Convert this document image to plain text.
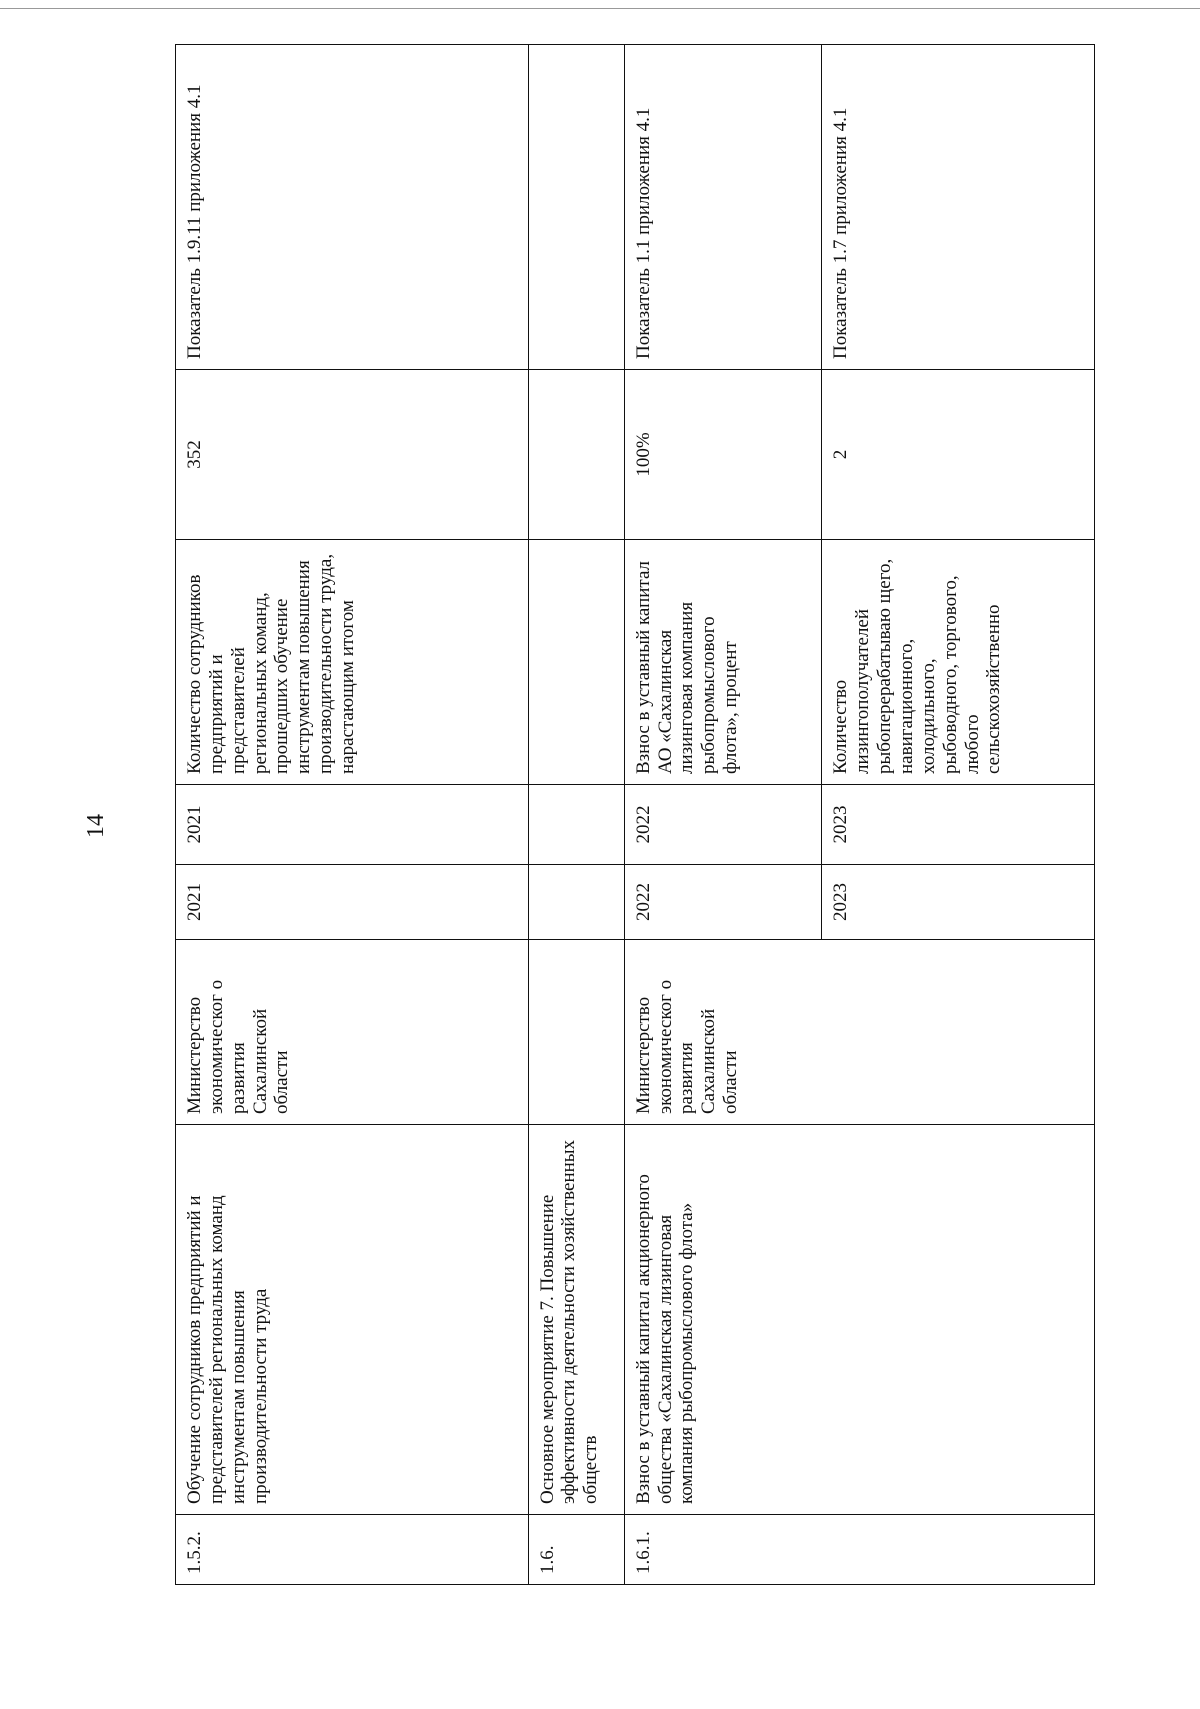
14
1.5.2.	Обучение сотрудников предприятий и представителей региональных команд инструментам повышения производительности труда	Министерство экономическог о развития Сахалинской области	2021	2021	Количество сотрудников предприятий и представителей региональных команд, прошедших обучение инструментам повышения производительности труда, нарастающим итогом	352	Показатель 1.9.11 приложения 4.1
1.6.	Основное мероприятие 7. Повышение эффективности деятельности хозяйственных обществ						
1.6.1.	Взнос в уставный капитал акционерного общества «Сахалинская лизинговая компания рыбопромыслового флота»	Министерство экономическог о развития Сахалинской области	2022	2022	Взнос в уставный капитал АО «Сахалинская лизинговая компания рыбопромыслового флота», процент	100%	Показатель 1.1 приложения 4.1
			2023	2023	Количество лизингополучателей рыбоперерабатываю щего, навигационного, холодильного, рыбоводного, торгового, любого сельскохозяйственно	2	Показатель 1.7 приложения 4.1
